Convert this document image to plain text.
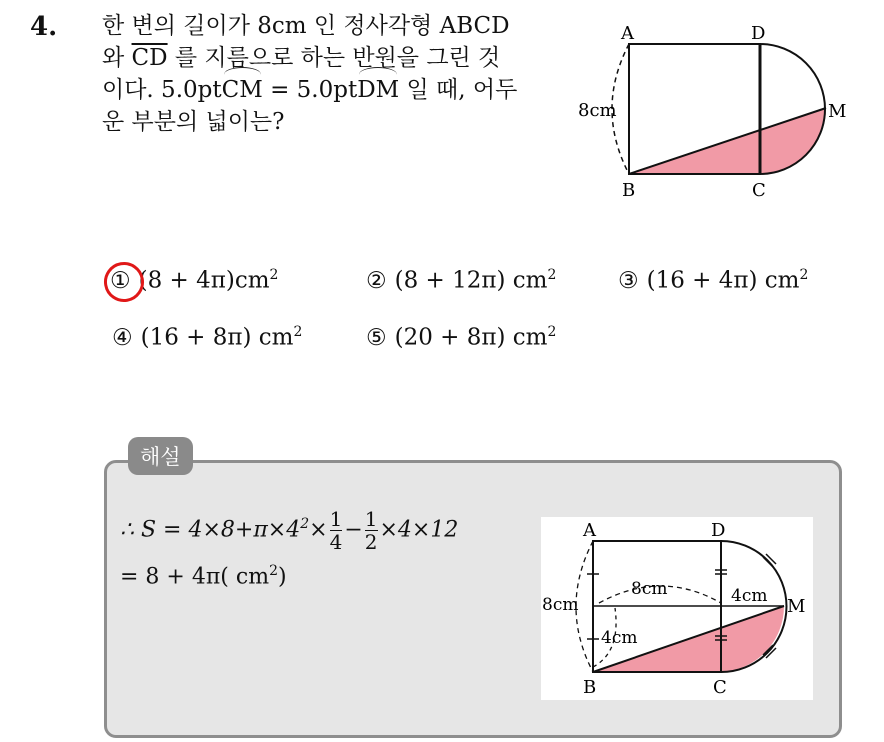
4. 한 변의 길이가 8cm 인 정사각형 ABCD
와 $\overline{CD}$ 를 지름으로 하는 반원을 그린 것
이다. 5.0ptCM = 5.0ptDM 일 때, 어두
운 부분의 넓이는?
A	D
M
B	C
8cm
① $(8 + 4\pi)cm^2$	② (8 + 12π) $cm^2$	③ (16 + 4π) $cm^2$
④ (16 + 8π) $cm^2$	⑤ (20 + 8π) $cm^2$
해설
∴ $S = 4\times 8+\pi\times 4^2\times \frac{1}{4} - \frac{1}{2} \times 4\times 12$
= 8 + 4π( $cm^2$)
A	D
M
B	C
8cm
8cm	4cm
4cm
